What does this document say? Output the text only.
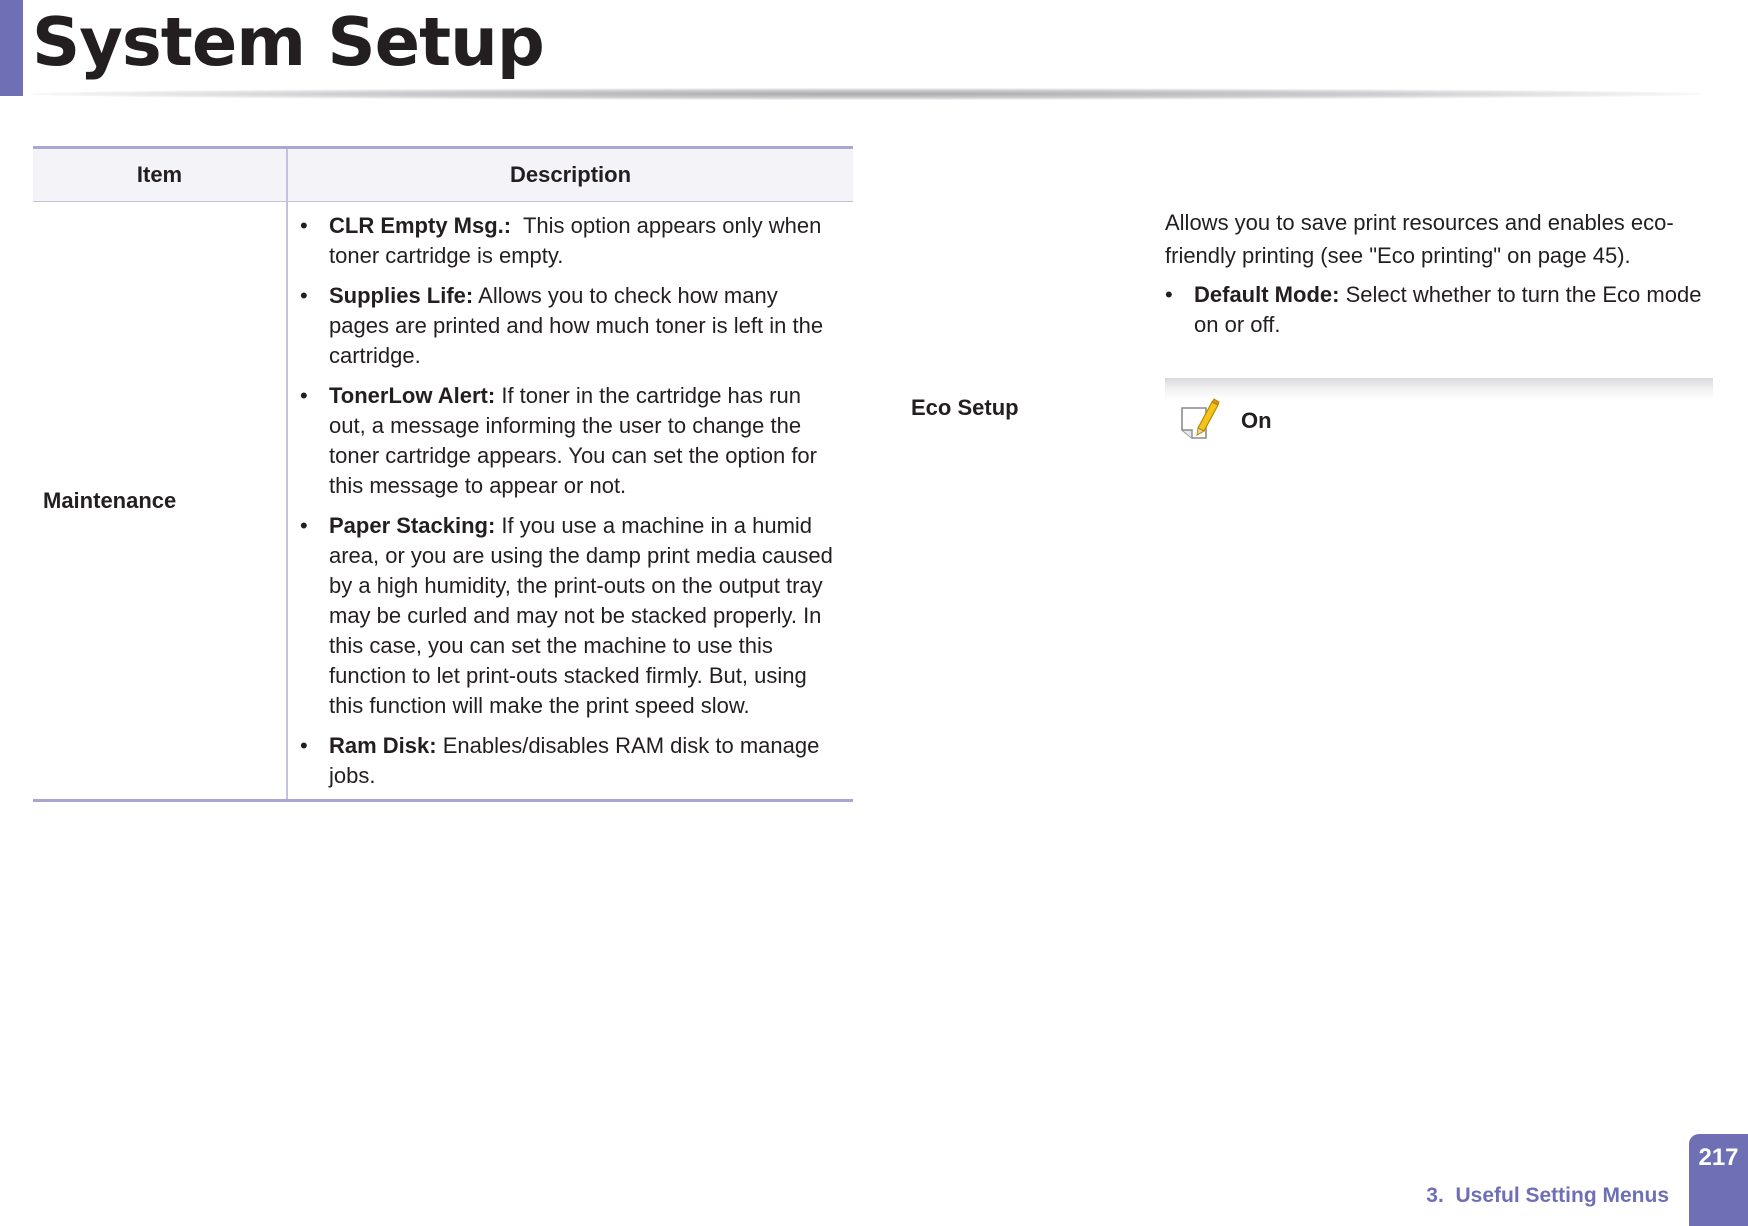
System Setup
Item	Description
Maintenance
• CLR Empty Msg.:  This option appears only when toner cartridge is empty.
• Supplies Life: Allows you to check how many pages are printed and how much toner is left in the cartridge.
• TonerLow Alert: If toner in the cartridge has run out, a message informing the user to change the toner cartridge appears. You can set the option for this message to appear or not.
• Paper Stacking: If you use a machine in a humid area, or you are using the damp print media caused by a high humidity, the print-outs on the output tray may be curled and may not be stacked properly. In this case, you can set the machine to use this function to let print-outs stacked firmly. But, using this function will make the print speed slow.
• Ram Disk: Enables/disables RAM disk to manage jobs.
Eco Setup

Allows you to save print resources and enables eco-friendly printing (see "Eco printing" on page 45).

• Default Mode: Select whether to turn the Eco mode on or off.
On
3.  Useful Setting Menus
217
